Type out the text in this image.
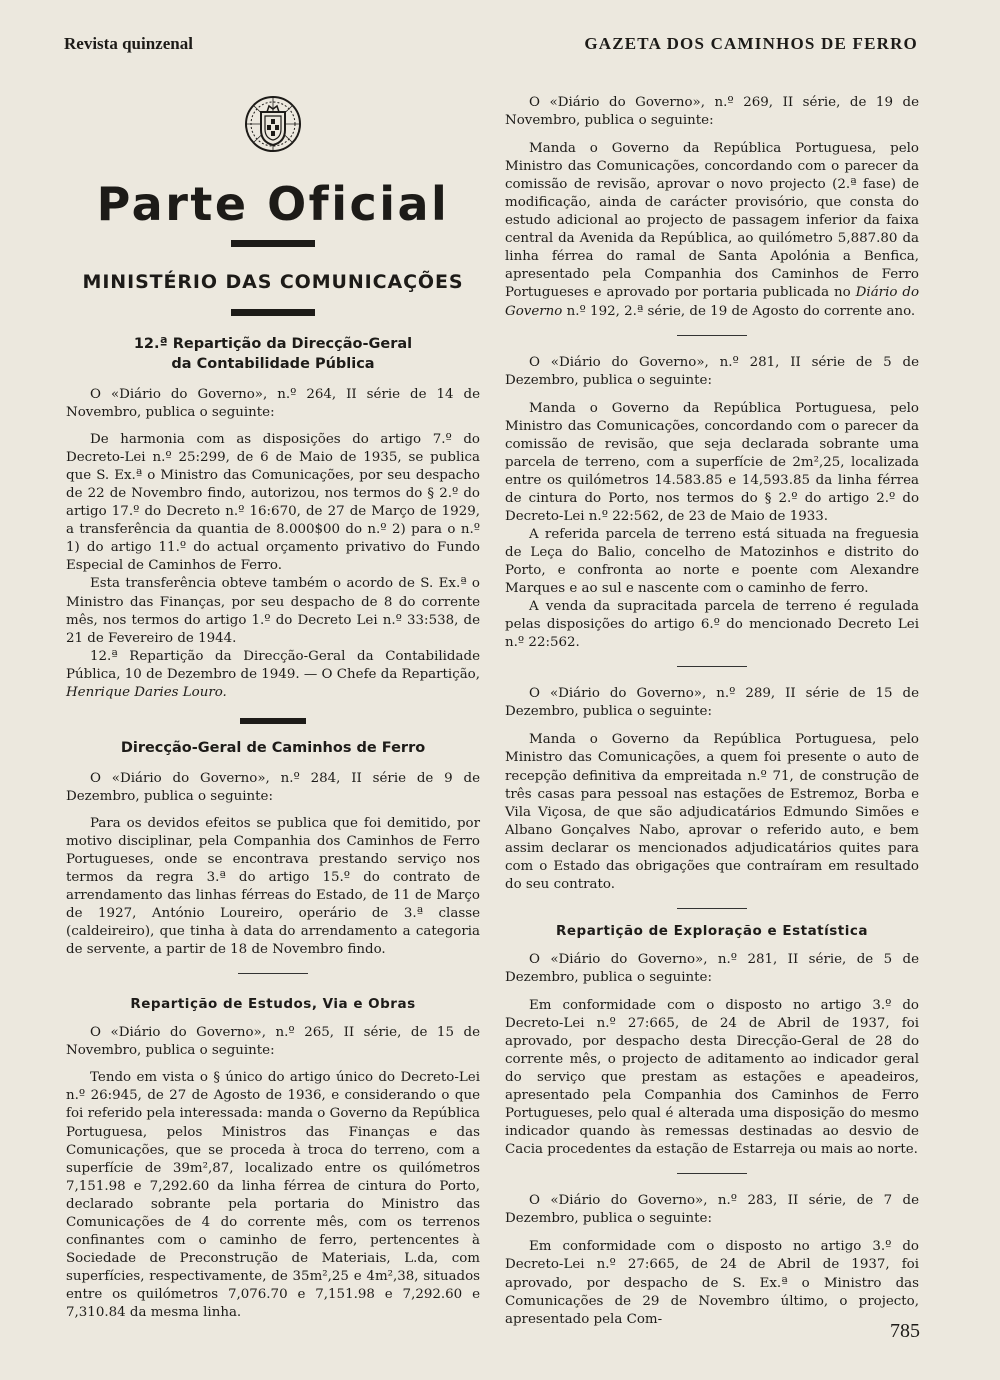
Revista quinzenal	GAZETA DOS CAMINHOS DE FERRO
Parte Oficial
MINISTÉRIO DAS COMUNICAÇÕES
12.ª Repartição da Direcção-Geral
da Contabilidade Pública

O «Diário do Governo», n.º 264, II série de 14 de Novembro, publica o seguinte:

De harmonia com as disposições do artigo 7.º do Decreto-Lei n.º 25:299, de 6 de Maio de 1935, se publica que S. Ex.ª o Ministro das Comunicações, por seu despacho de 22 de Novembro findo, autorizou, nos termos do § 2.º do artigo 17.º do Decreto n.º 16:670, de 27 de Março de 1929, a transferência da quantia de 8.000$00 do n.º 2) para o n.º 1) do artigo 11.º do actual orçamento privativo do Fundo Especial de Caminhos de Ferro.

Esta transferência obteve também o acordo de S. Ex.ª o Ministro das Finanças, por seu despacho de 8 do corrente mês, nos termos do artigo 1.º do Decreto Lei n.º 33:538, de 21 de Fevereiro de 1944.

12.ª Repartição da Direcção-Geral da Contabilidade Pública, 10 de Dezembro de 1949. — O Chefe da Repartição, Henrique Daries Louro.

Direcção-Geral de Caminhos de Ferro

O «Diário do Governo», n.º 284, II série de 9 de Dezembro, publica o seguinte:

Para os devidos efeitos se publica que foi demitido, por motivo disciplinar, pela Companhia dos Caminhos de Ferro Portugueses, onde se encontrava prestando serviço nos termos da regra 3.ª do artigo 15.º do contrato de arrendamento das linhas férreas do Estado, de 11 de Março de 1927, António Loureiro, operário de 3.ª classe (caldeireiro), que tinha à data do arrendamento a categoria de servente, a partir de 18 de Novembro findo.

Repartição de Estudos, Via e Obras

O «Diário do Governo», n.º 265, II série, de 15 de Novembro, publica o seguinte:

Tendo em vista o § único do artigo único do Decreto-Lei n.º 26:945, de 27 de Agosto de 1936, e considerando o que foi referido pela interessada: manda o Governo da República Portuguesa, pelos Ministros das Finanças e das Comunicações, que se proceda à troca do terreno, com a superfície de 39m²,87, localizado entre os quilómetros 7,151.98 e 7,292.60 da linha férrea de cintura do Porto, declarado sobrante pela portaria do Ministro das Comunicações de 4 do corrente mês, com os terrenos confinantes com o caminho de ferro, pertencentes à Sociedade de Preconstrução de Materiais, L.da, com superfícies, respectivamente, de 35m²,25 e 4m²,38, situados entre os quilómetros 7,076.70 e 7,151.98 e 7,292.60 e 7,310.84 da mesma linha.

O «Diário do Governo», n.º 269, II série, de 19 de Novembro, publica o seguinte:

Manda o Governo da República Portuguesa, pelo Ministro das Comunicações, concordando com o parecer da comissão de revisão, aprovar o novo projecto (2.ª fase) de modificação, ainda de carácter provisório, que consta do estudo adicional ao projecto de passagem inferior da faixa central da Avenida da República, ao quilómetro 5,887.80 da linha férrea do ramal de Santa Apolónia a Benfica, apresentado pela Companhia dos Caminhos de Ferro Portugueses e aprovado por portaria publicada no Diário do Governo n.º 192, 2.ª série, de 19 de Agosto do corrente ano.

O «Diário do Governo», n.º 281, II série de 5 de Dezembro, publica o seguinte:

Manda o Governo da República Portuguesa, pelo Ministro das Comunicações, concordando com o parecer da comissão de revisão, que seja declarada sobrante uma parcela de terreno, com a superfície de 2m²,25, localizada entre os quilómetros 14.583.85 e 14,593.85 da linha férrea de cintura do Porto, nos termos do § 2.º do artigo 2.º do Decreto-Lei n.º 22:562, de 23 de Maio de 1933.

A referida parcela de terreno está situada na freguesia de Leça do Balio, concelho de Matozinhos e distrito do Porto, e confronta ao norte e poente com Alexandre Marques e ao sul e nascente com o caminho de ferro.

A venda da supracitada parcela de terreno é regulada pelas disposições do artigo 6.º do mencionado Decreto Lei n.º 22:562.

O «Diário do Governo», n.º 289, II série de 15 de Dezembro, publica o seguinte:

Manda o Governo da República Portuguesa, pelo Ministro das Comunicações, a quem foi presente o auto de recepção definitiva da empreitada n.º 71, de construção de três casas para pessoal nas estações de Estremoz, Borba e Vila Viçosa, de que são adjudicatários Edmundo Simões e Albano Gonçalves Nabo, aprovar o referido auto, e bem assim declarar os mencionados adjudicatários quites para com o Estado das obrigações que contraíram em resultado do seu contrato.

Repartição de Exploração e Estatística

O «Diário do Governo», n.º 281, II série, de 5 de Dezembro, publica o seguinte:

Em conformidade com o disposto no artigo 3.º do Decreto-Lei n.º 27:665, de 24 de Abril de 1937, foi aprovado, por despacho desta Direcção-Geral de 28 do corrente mês, o projecto de aditamento ao indicador geral do serviço que prestam as estações e apeadeiros, apresentado pela Companhia dos Caminhos de Ferro Portugueses, pelo qual é alterada uma disposição do mesmo indicador quando às remessas destinadas ao desvio de Cacia procedentes da estação de Estarreja ou mais ao norte.

O «Diário do Governo», n.º 283, II série, de 7 de Dezembro, publica o seguinte:

Em conformidade com o disposto no artigo 3.º do Decreto-Lei n.º 27:665, de 24 de Abril de 1937, foi aprovado, por despacho de S. Ex.ª o Ministro das Comunicações de 29 de Novembro último, o projecto, apresentado pela Com-

785
